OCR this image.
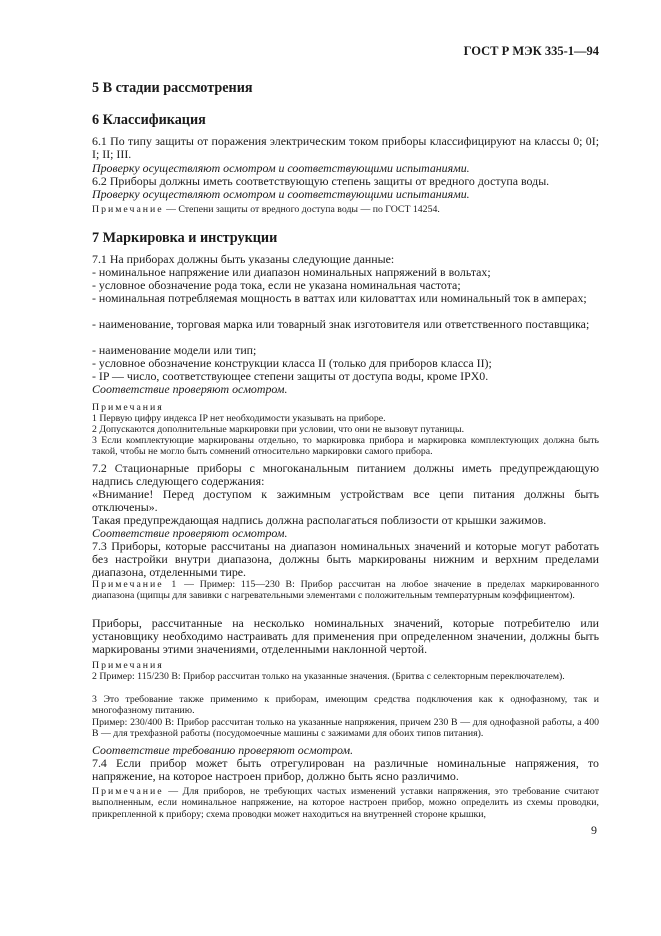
ГОСТ Р МЭК 335-1—94
5 В стадии рассмотрения
6 Классификация
6.1 По типу защиты от поражения электрическим током приборы классифицируют на классы 0; 0I; I; II; III.
Проверку осуществляют осмотром и соответствующими испытаниями.
6.2 Приборы должны иметь соответствующую степень защиты от вредного доступа воды.
Проверку осуществляют осмотром и соответствующими испытаниями.
Примечание — Степени защиты от вредного доступа воды — по ГОСТ 14254.
7 Маркировка и инструкции
7.1 На приборах должны быть указаны следующие данные:
- номинальное напряжение или диапазон номинальных напряжений в вольтах;
- условное обозначение рода тока, если не указана номинальная частота;
- номинальная потребляемая мощность в ваттах или киловаттах или номинальный ток в амперах;
- наименование, торговая марка или товарный знак изготовителя или ответственного поставщика;
- наименование модели или тип;
- условное обозначение конструкции класса II (только для приборов класса II);
- IP — число, соответствующее степени защиты от доступа воды, кроме IPX0.
Соответствие проверяют осмотром.
Примечания
1 Первую цифру индекса IP нет необходимости указывать на приборе.
2 Допускаются дополнительные маркировки при условии, что они не вызовут путаницы.
3 Если комплектующие маркированы отдельно, то маркировка прибора и маркировка комплектующих должна быть такой, чтобы не могло быть сомнений относительно маркировки самого прибора.
7.2 Стационарные приборы с многоканальным питанием должны иметь предупреждающую надпись следующего содержания:
«Внимание! Перед доступом к зажимным устройствам все цепи питания должны быть отключены».
Такая предупреждающая надпись должна располагаться поблизости от крышки зажимов.
Соответствие проверяют осмотром.
7.3 Приборы, которые рассчитаны на диапазон номинальных значений и которые могут работать без настройки внутри диапазона, должны быть маркированы нижним и верхним пределами диапазона, отделенными тире.
Примечание 1 — Пример: 115—230 В: Прибор рассчитан на любое значение в пределах маркированного диапазона (щипцы для завивки с нагревательными элементами с положительным температурным коэффициентом).
Приборы, рассчитанные на несколько номинальных значений, которые потребителю или установщику необходимо настраивать для применения при определенном значении, должны быть маркированы этими значениями, отделенными наклонной чертой.
Примечания
2 Пример: 115/230 В: Прибор рассчитан только на указанные значения. (Бритва с селекторным переключателем).
3 Это требование также применимо к приборам, имеющим средства подключения как к однофазному, так и многофазному питанию.
Пример: 230/400 В: Прибор рассчитан только на указанные напряжения, причем 230 В — для однофазной работы, а 400 В — для трехфазной работы (посудомоечные машины с зажимами для обоих типов питания).
Соответствие требованию проверяют осмотром.
7.4 Если прибор может быть отрегулирован на различные номинальные напряжения, то напряжение, на которое настроен прибор, должно быть ясно различимо.
Примечание — Для приборов, не требующих частых изменений уставки напряжения, это требование считают выполненным, если номинальное напряжение, на которое настроен прибор, можно определить из схемы проводки, прикрепленной к прибору; схема проводки может находиться на внутренней стороне крышки,
9
